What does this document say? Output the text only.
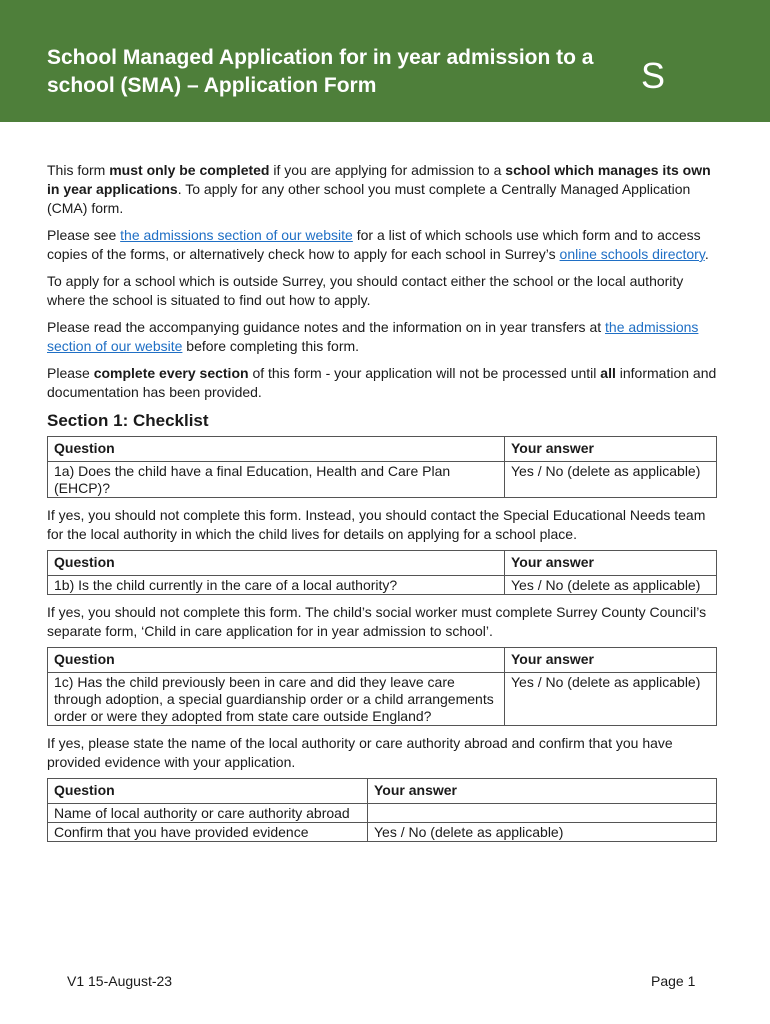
School Managed Application for in year admission to a school (SMA) – Application Form	S

This form must only be completed if you are applying for admission to a school which manages its own in year applications. To apply for any other school you must complete a Centrally Managed Application (CMA) form.

Please see the admissions section of our website for a list of which schools use which form and to access copies of the forms, or alternatively check how to apply for each school in Surrey’s online schools directory.

To apply for a school which is outside Surrey, you should contact either the school or the local authority where the school is situated to find out how to apply.

Please read the accompanying guidance notes and the information on in year transfers at the admissions section of our website before completing this form.

Please complete every section of this form - your application will not be processed until all information and documentation has been provided.

Section 1: Checklist
Question	Your answer
1a) Does the child have a final Education, Health and Care Plan (EHCP)?	Yes / No (delete as applicable)

If yes, you should not complete this form. Instead, you should contact the Special Educational Needs team for the local authority in which the child lives for details on applying for a school place.

Question	Your answer
1b) Is the child currently in the care of a local authority?	Yes / No (delete as applicable)

If yes, you should not complete this form. The child’s social worker must complete Surrey County Council’s separate form, ‘Child in care application for in year admission to school’.

Question	Your answer
1c) Has the child previously been in care and did they leave care through adoption, a special guardianship order or a child arrangements order or were they adopted from state care outside England?	Yes / No (delete as applicable)

If yes, please state the name of the local authority or care authority abroad and confirm that you have provided evidence with your application.

Question	Your answer
Name of local authority or care authority abroad	
Confirm that you have provided evidence	Yes / No (delete as applicable)
V1 15-August-23	Page 1
